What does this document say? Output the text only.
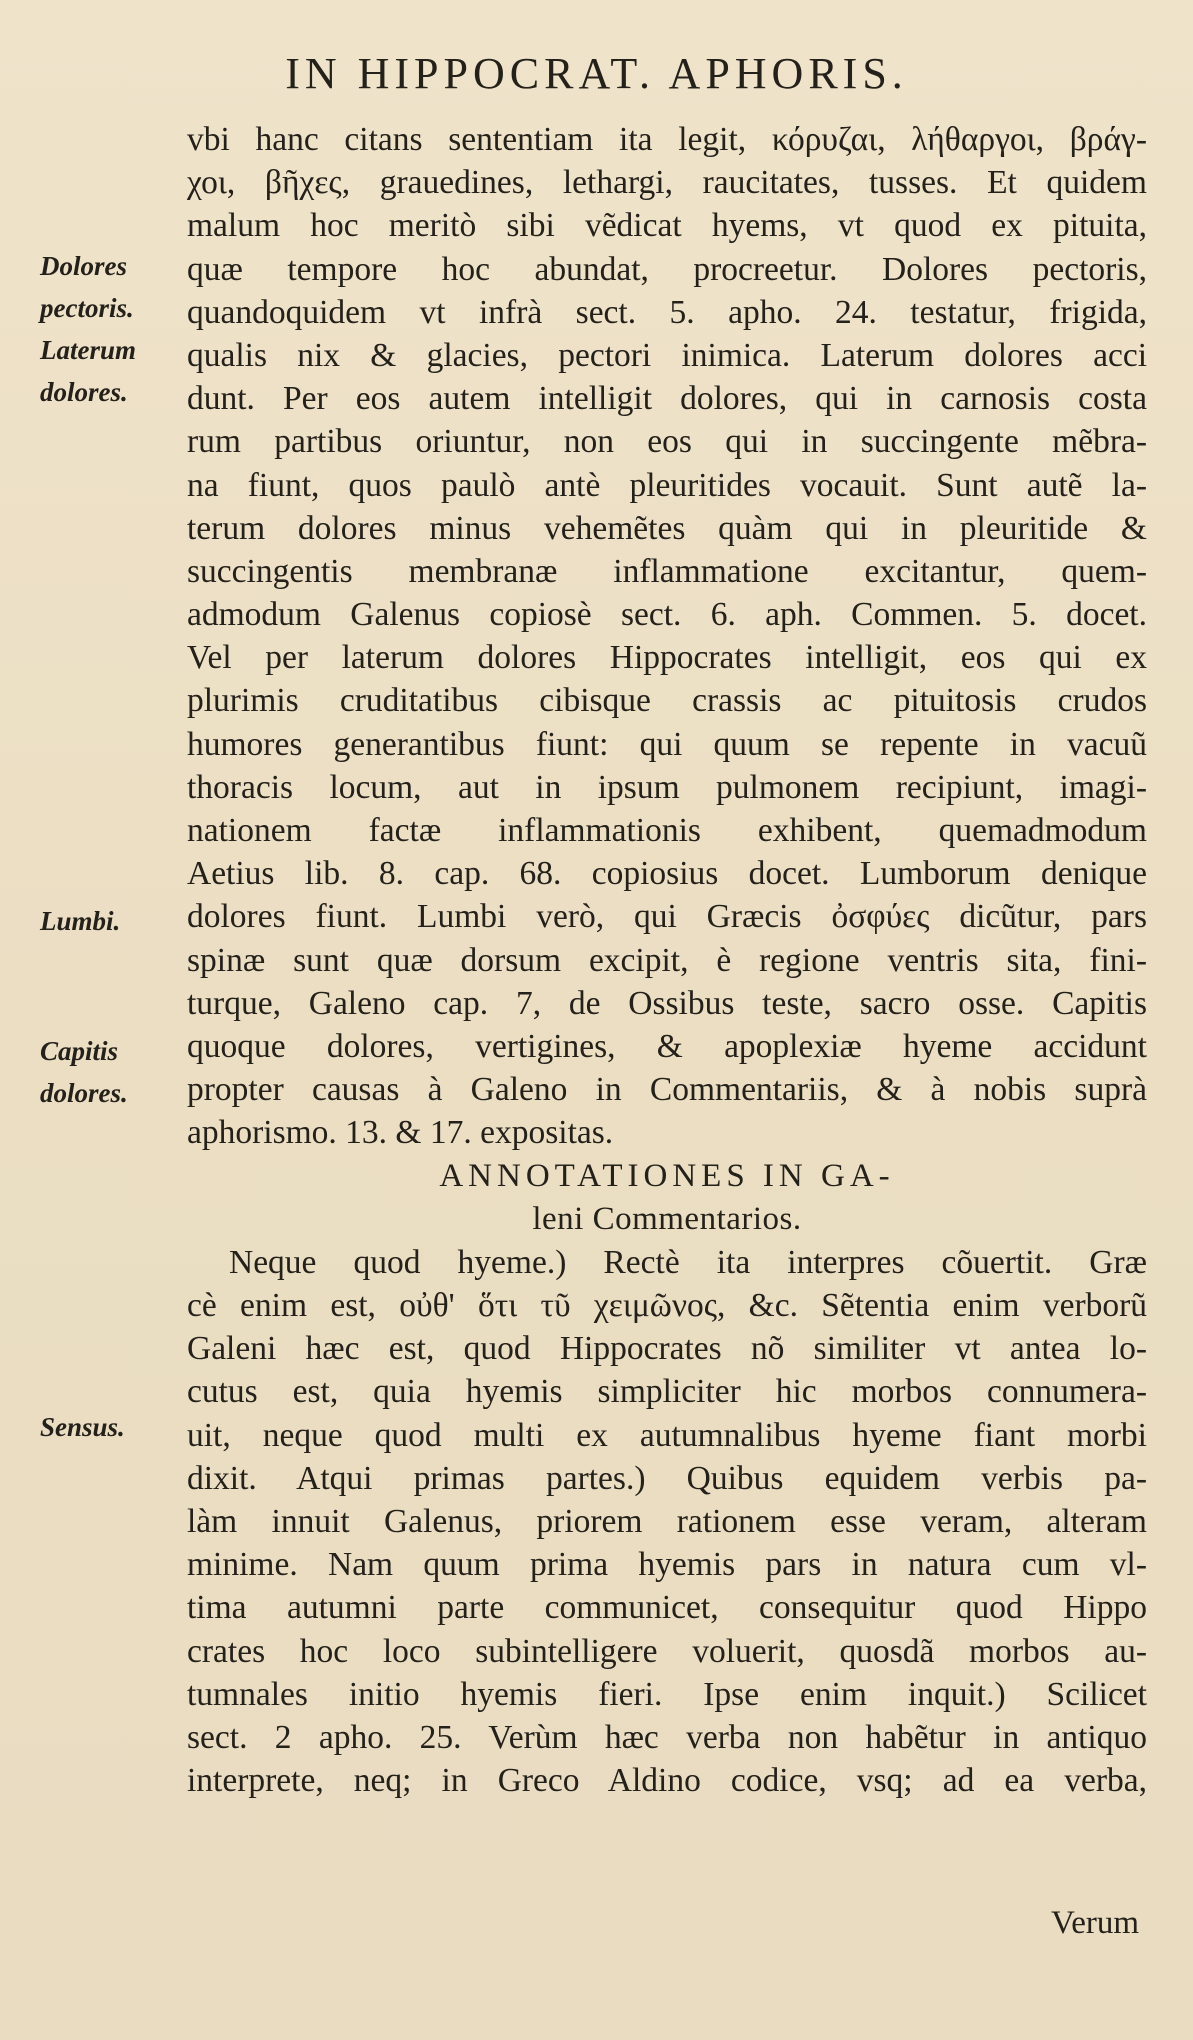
IN HIPPOCRAT. APHORIS.
Dolores
pectoris.
Laterum
dolores.
Lumbi.
Capitis
dolores.
Sensus.
vbi hanc citans sententiam ita legit, κόρυζαι, λήθαργοι, βράγ-
χοι, βῆχες, grauedines, lethargi, raucitates, tusses. Et quidem
malum hoc meritò sibi vẽdicat hyems, vt quod ex pituita,
quæ tempore hoc abundat, procreetur. Dolores pectoris,
quandoquidem vt infrà sect. 5. apho. 24. testatur, frigida,
qualis nix & glacies, pectori inimica. Laterum dolores acci
dunt. Per eos autem intelligit dolores, qui in carnosis costa
rum partibus oriuntur, non eos qui in succingente mẽbra-
na fiunt, quos paulò antè pleuritides vocauit. Sunt autẽ la-
terum dolores minus vehemẽtes quàm qui in pleuritide &
succingentis membranæ inflammatione excitantur, quem-
admodum Galenus copiosè sect. 6. aph. Commen. 5. docet.
Vel per laterum dolores Hippocrates intelligit, eos qui ex
plurimis cruditatibus cibisque crassis ac pituitosis crudos
humores generantibus fiunt: qui quum se repente in vacuũ
thoracis locum, aut in ipsum pulmonem recipiunt, imagi-
nationem factæ inflammationis exhibent, quemadmodum
Aetius lib. 8. cap. 68. copiosius docet. Lumborum denique
dolores fiunt. Lumbi verò, qui Græcis ὀσφύες dicũtur, pars
spinæ sunt quæ dorsum excipit, è regione ventris sita, fini-
turque, Galeno cap. 7, de Ossibus teste, sacro osse. Capitis
quoque dolores, vertigines, & apoplexiæ hyeme accidunt
propter causas à Galeno in Commentariis, & à nobis suprà
aphorismo. 13. & 17. expositas.
ANNOTATIONES IN GA-
leni Commentarios.
Neque quod hyeme.) Rectè ita interpres cõuertit. Græ
cè enim est, οὐθ' ὅτι τῦ χειμῶνος, &c. Sẽtentia enim verborũ
Galeni hæc est, quod Hippocrates nõ similiter vt antea lo-
cutus est, quia hyemis simpliciter hic morbos connumera-
uit, neque quod multi ex autumnalibus hyeme fiant morbi
dixit. Atqui primas partes.) Quibus equidem verbis pa-
làm innuit Galenus, priorem rationem esse veram, alteram
minime. Nam quum prima hyemis pars in natura cum vl-
tima autumni parte communicet, consequitur quod Hippo
crates hoc loco subintelligere voluerit, quosdã morbos au-
tumnales initio hyemis fieri. Ipse enim inquit.) Scilicet
sect. 2 apho. 25. Verùm hæc verba non habẽtur in antiquo
interprete, neq; in Greco Aldino codice, vsq; ad ea verba,
Verum
